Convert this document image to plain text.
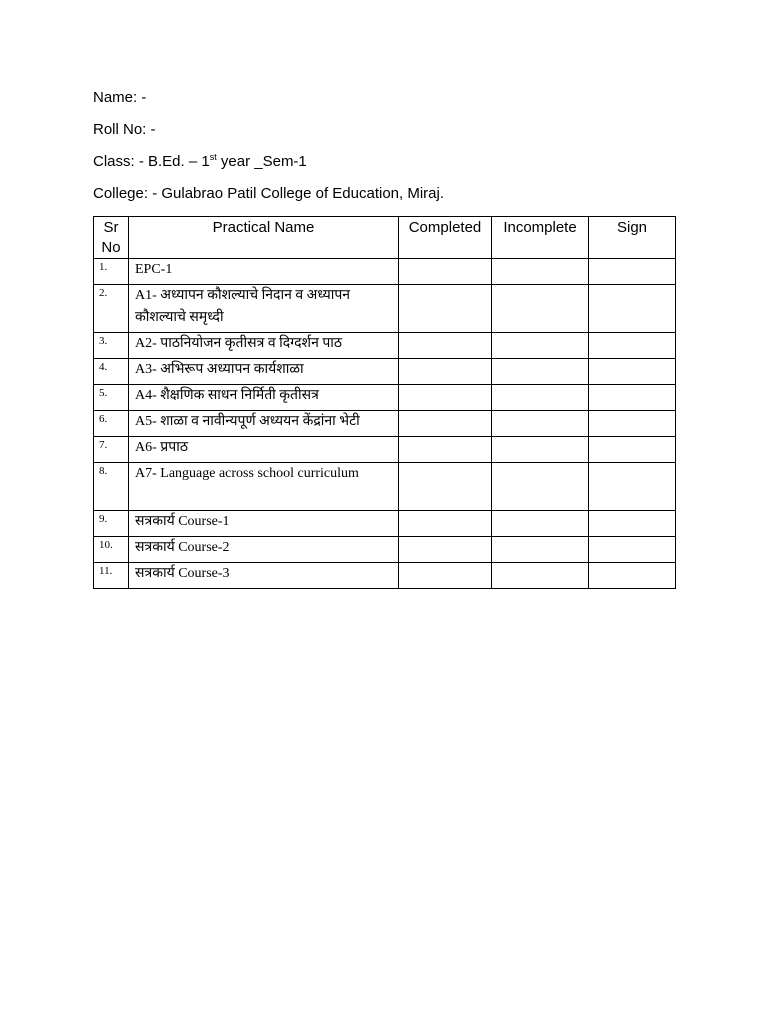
Name: -
Roll No: -
Class: - B.Ed. – 1st year _Sem-1
College: - Gulabrao Patil College of Education, Miraj.
Sr
No	Practical Name	Completed	Incomplete	Sign
1.	EPC-1			
2.	A1- अध्यापन कौशल्याचे निदान व अध्यापन कौशल्याचे समृध्दी			
3.	A2- पाठनियोजन कृतीसत्र व दिग्दर्शन पाठ			
4.	A3- अभिरूप अध्यापन कार्यशाळा			
5.	A4- शैक्षणिक साधन निर्मिती कृतीसत्र			
6.	A5- शाळा व नावीन्यपूर्ण अध्ययन केंद्रांना भेटी			
7.	A6- प्रपाठ			
8.	A7- Language across school curriculum			
9.	सत्रकार्य Course-1			
10.	सत्रकार्य Course-2			
11.	सत्रकार्य Course-3			
